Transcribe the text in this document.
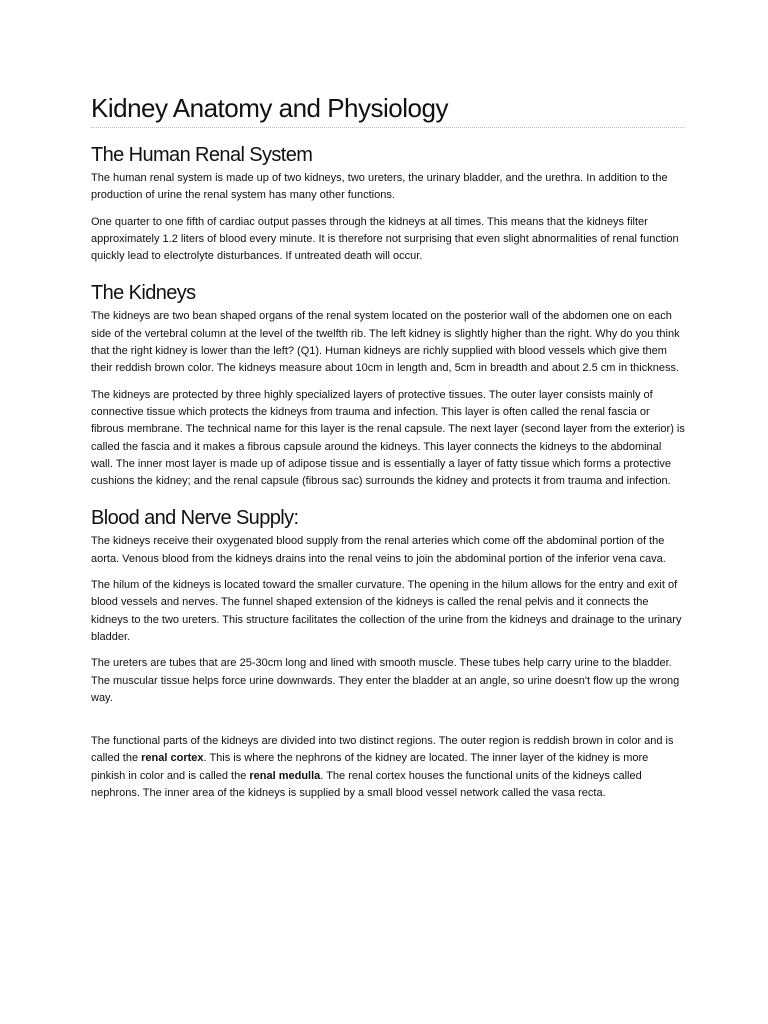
Kidney Anatomy and Physiology
The Human Renal System

The human renal system is made up of two kidneys, two ureters, the urinary bladder, and the urethra. In addition to the production of urine the renal system has many other functions.

One quarter to one fifth of cardiac output passes through the kidneys at all times. This means that the kidneys filter approximately 1.2 liters of blood every minute. It is therefore not surprising that even slight abnormalities of renal function quickly lead to electrolyte disturbances. If untreated death will occur.

The Kidneys

The kidneys are two bean shaped organs of the renal system located on the posterior wall of the abdomen one on each side of the vertebral column at the level of the twelfth rib. The left kidney is slightly higher than the right. Why do you think that the right kidney is lower than the left? (Q1). Human kidneys are richly supplied with blood vessels which give them their reddish brown color. The kidneys measure about 10cm in length and, 5cm in breadth and about 2.5 cm in thickness.

The kidneys are protected by three highly specialized layers of protective tissues. The outer layer consists mainly of connective tissue which protects the kidneys from trauma and infection. This layer is often called the renal fascia or fibrous membrane. The technical name for this layer is the renal capsule. The next layer (second layer from the exterior) is called the fascia and it makes a fibrous capsule around the kidneys. This layer connects the kidneys to the abdominal wall. The inner most layer is made up of adipose tissue and is essentially a layer of fatty tissue which forms a protective cushions the kidney; and the renal capsule (fibrous sac) surrounds the kidney and protects it from trauma and infection.

Blood and Nerve Supply:

The kidneys receive their oxygenated blood supply from the renal arteries which come off the abdominal portion of the aorta. Venous blood from the kidneys drains into the renal veins to join the abdominal portion of the inferior vena cava.

The hilum of the kidneys is located toward the smaller curvature. The opening in the hilum allows for the entry and exit of blood vessels and nerves. The funnel shaped extension of the kidneys is called the renal pelvis and it connects the kidneys to the two ureters. This structure facilitates the collection of the urine from the kidneys and drainage to the urinary bladder.

The ureters are tubes that are 25-30cm long and lined with smooth muscle. These tubes help carry urine to the bladder. The muscular tissue helps force urine downwards. They enter the bladder at an angle, so urine doesn't flow up the wrong way.

The functional parts of the kidneys are divided into two distinct regions. The outer region is reddish brown in color and is called the renal cortex. This is where the nephrons of the kidney are located. The inner layer of the kidney is more pinkish in color and is called the renal medulla. The renal cortex houses the functional units of the kidneys called nephrons. The inner area of the kidneys is supplied by a small blood vessel network called the vasa recta.
